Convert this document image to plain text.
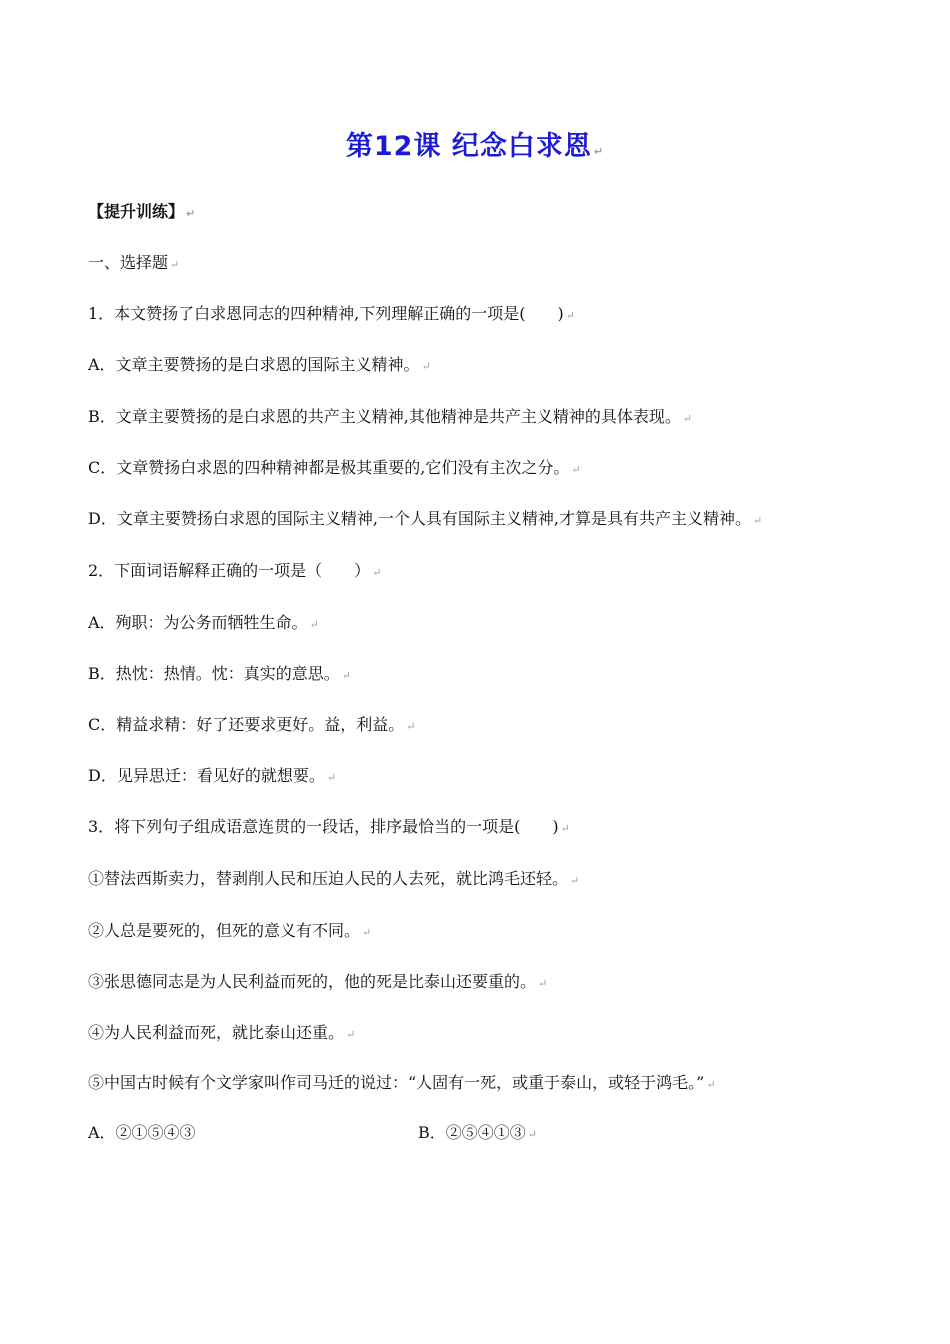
第12课 纪念白求恩 ↵
【提升训练】 ↵
一、选择题 ↵
1．本文赞扬了白求恩同志的四种精神,下列理解正确的一项是(　　) ↵
A．文章主要赞扬的是白求恩的国际主义精神。 ↵
B．文章主要赞扬的是白求恩的共产主义精神,其他精神是共产主义精神的具体表现。 ↵
C．文章赞扬白求恩的四种精神都是极其重要的,它们没有主次之分。 ↵
D．文章主要赞扬白求恩的国际主义精神,一个人具有国际主义精神,才算是具有共产主义精神。 ↵
2．下面词语解释正确的一项是（　　） ↵
A．殉职：为公务而牺牲生命。 ↵
B．热忱：热情。忱：真实的意思。 ↵
C．精益求精：好了还要求更好。益，利益。 ↵
D．见异思迁：看见好的就想要。 ↵
3．将下列句子组成语意连贯的一段话，排序最恰当的一项是(　　) ↵
①替法西斯卖力，替剥削人民和压迫人民的人去死，就比鸿毛还轻。 ↵
②人总是要死的，但死的意义有不同。 ↵
③张思德同志是为人民利益而死的，他的死是比泰山还要重的。 ↵
④为人民利益而死，就比泰山还重。 ↵
⑤中国古时候有个文学家叫作司马迁的说过：“人固有一死，或重于泰山，或轻于鸿毛。” ↵
A．②①⑤④③	B．②⑤④①③ ↵
